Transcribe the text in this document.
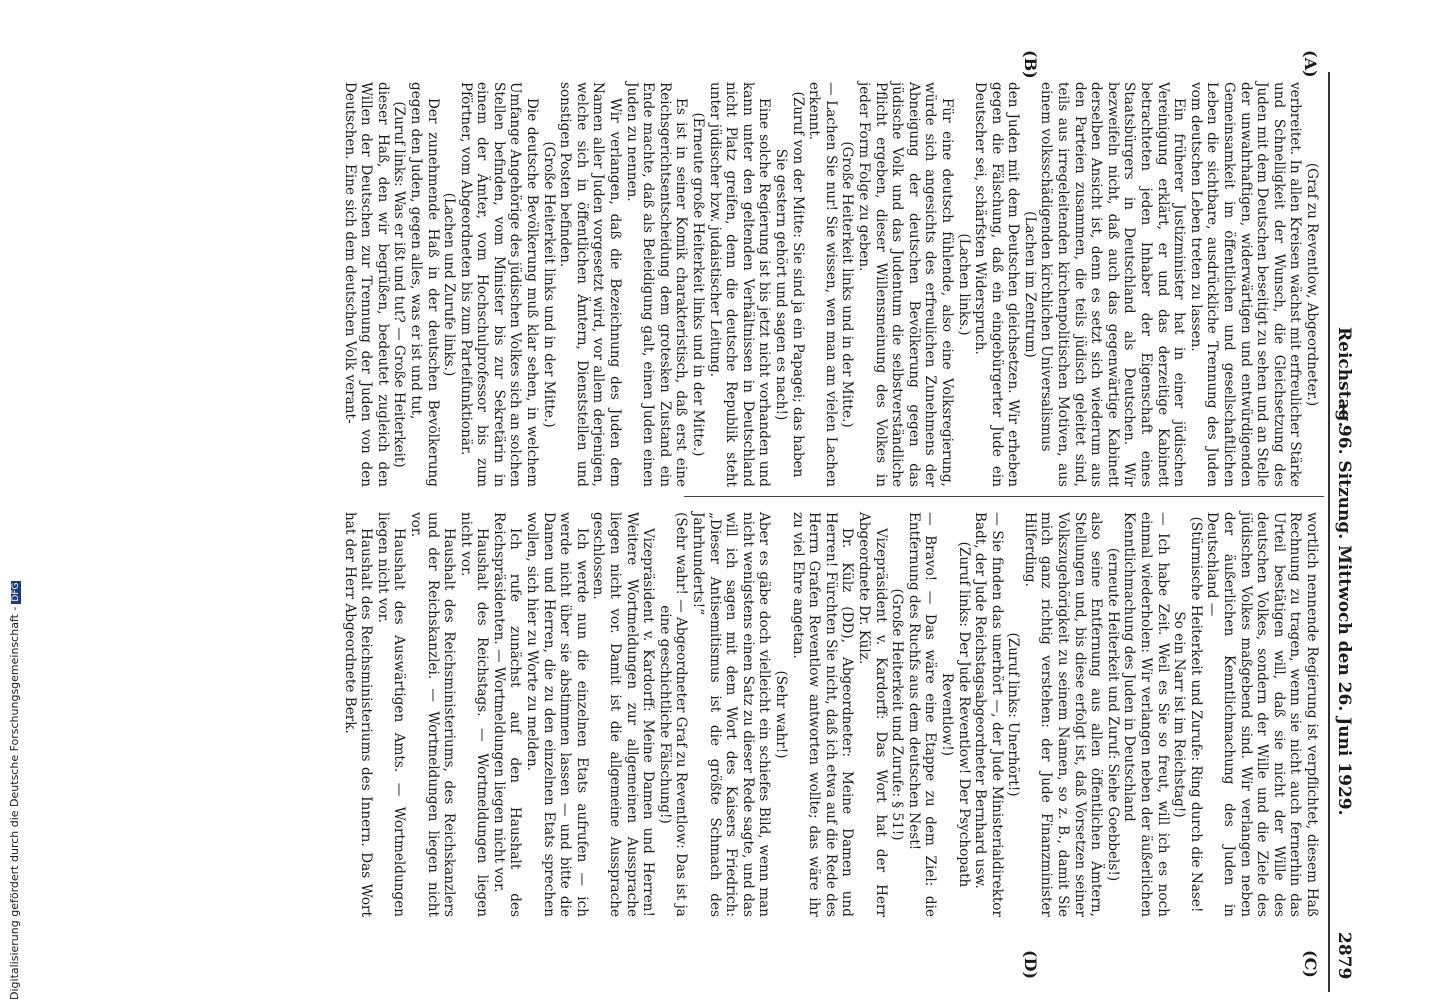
Reichstag.
— 96. Sitzung. Mittwoch den 26. Juni 1929.
2879
(A)
(B)
(C)
(D)

(Graf zu Reventlow, Abgeordneter.)

verbreitet. In allen Kreisen wächst mit erfreulicher Stärke und Schnelligkeit der Wunsch, die Gleichsetzung des Juden mit dem Deutschen beseitigt zu sehen und an Stelle der unwahrhaftigen, widerwärtigen und entwürdigenden Gemeinsamkeit im öffentlichen und gesellschaftlichen Leben die sichtbare, ausdrückliche Trennung des Juden vom deutschen Leben treten zu lassen.

Ein früherer Justizminister hat in einer jüdischen Vereinigung erklärt, er und das derzeitige Kabinett betrachteten jeden Inhaber der Eigenschaft eines Staatsbürgers in Deutschland als Deutschen. Wir bezweifeln nicht, daß auch das gegenwärtige Kabinett derselben Ansicht ist, denn es setzt sich wiederum aus den Parteien zusammen, die teils jüdisch geleitet sind, teils aus irregeleitenden kirchenpolitischen Motiven, aus einem volksschädigenden kirchlichen Universalismus

(Lachen im Zentrum)

den Juden mit dem Deutschen gleichsetzen. Wir erheben gegen die Fälschung, daß ein eingebürgerter Jude ein Deutscher sei, schärfsten Widerspruch.

(Lachen links.)

Für eine deutsch fühlende, also eine Volksregierung, würde sich angesichts des erfreulichen Zunehmens der Abneigung der deutschen Bevölkerung gegen das jüdische Volk und das Judentum die selbstverständliche Pflicht ergeben, dieser Willensmeinung des Volkes in jeder Form Folge zu geben.

(Große Heiterkeit links und in der Mitte.)

— Lachen Sie nur! Sie wissen, wen man am vielen Lachen erkennt.

(Zuruf von der Mitte: Sie sind ja ein Papagei; das haben Sie gestern gehört und sagen es nach!)

Eine solche Regierung ist bis jetzt nicht vorhanden und kann unter den geltenden Verhältnissen in Deutschland nicht Platz greifen, denn die deutsche Republik steht unter jüdischer bzw. judaistischer Leitung.

(Erneute große Heiterkeit links und in der Mitte.)

Es ist in seiner Komik charakteristisch, daß erst eine Reichsgerichtsentscheidung dem grotesken Zustand ein Ende machte, daß als Beleidigung galt, einen Juden einen Juden zu nennen.

Wir verlangen, daß die Bezeichnung des Juden dem Namen aller Juden vorgesetzt wird, vor allem derjenigen, welche sich in öffentlichen Ämtern, Dienststellen und sonstigen Posten befinden.

(Große Heiterkeit links und in der Mitte.)

Die deutsche Bevölkerung muß klar sehen, in welchem Umfange Angehörige des jüdischen Volkes sich an solchen Stellen befinden, vom Minister bis zur Sekretärin in einem der Ämter, vom Hochschulprofessor bis zum Pförtner, vom Abgeordneten bis zum Parteifunktionär.

(Lachen und Zurufe links.)

Der zunehmende Haß in der deutschen Bevölkerung gegen den Juden, gegen alles, was er ist und tut,

(Zuruf links: Was er ißt und tut? — Große Heiterkeit)

dieser Haß, den wir begrüßen, bedeutet zugleich den Willen der Deutschen zur Trennung der Juden von den Deutschen. Eine sich dem deutschen Volk verant-

wortlich nennende Regierung ist verpflichtet, diesem Haß Rechnung zu tragen, wenn sie nicht auch fernerhin das Urteil bestätigen will, daß sie nicht der Wille des deutschen Volkes, sondern der Wille und die Ziele des jüdischen Volkes maßgebend sind. Wir verlangen neben der äußerlichen Kenntlichmachung des Juden in Deutschland —

(Stürmische Heiterkeit und Zurufe: Ring durch die Nase! So ein Narr ist im Reichstag!)

— Ich habe Zeit. Weil es Sie so freut, will ich es noch einmal wiederholen: Wir verlangen neben der äußerlichen Kenntlichmachung des Juden in Deutschland

(erneute Heiterkeit und Zuruf: Siehe Goebbels!)

also seine Entfernung aus allen öffentlichen Ämtern, Stellungen und, bis diese erfolgt ist, daß Vorsetzen seiner Volkszugehörigkeit zu seinem Namen, so z. B., damit Sie mich ganz richtig verstehen: der Jude Finanzminister Hilferding.

(Zuruf links: Unerhört!)

— Sie finden das unerhört —, der Jude Ministerialdirektor Badt, der Jude Reichstagsabgeordneter Bernhard usw.

(Zuruf links: Der Jude Reventlow! Der Psychopath Reventlow!)

— Bravo! — Das wäre eine Etappe zu dem Ziel: die Entfernung des Ruchfs aus dem deutschen Nest!

(Große Heiterkeit und Zurufe: § 51!)

Vizepräsident v. Kardorff: Das Wort hat der Herr Abgeordnete Dr. Külz.

Dr. Külz (DD), Abgeordneter: Meine Damen und Herren! Fürchten Sie nicht, daß ich etwa auf die Rede des Herrn Grafen Reventlow antworten wollte; das wäre ihr zu viel Ehre angetan.

(Sehr wahr!)

Aber es gäbe doch vielleicht ein schiefes Bild, wenn man nicht wenigstens einen Satz zu dieser Rede sagte, und das will ich sagen mit dem Wort des Kaisers Friedrich: „Dieser Antisemitismus ist die größte Schmach des Jahrhunderts!“

(Sehr wahr! — Abgeordneter Graf zu Reventlow: Das ist ja eine geschichtliche Fälschung!)

Vizepräsident v. Kardorff: Meine Damen und Herren! Weitere Wortmeldungen zur allgemeinen Aussprache liegen nicht vor. Damit ist die allgemeine Aussprache geschlossen.

Ich werde nun die einzelnen Etats aufrufen — ich werde nicht über sie abstimmen lassen — und bitte die Damen und Herren, die zu den einzelnen Etats sprechen wollen, sich hier zu Worte zu melden.

Ich rufe zunächst auf den Haushalt des Reichspräsidenten. — Wortmeldungen liegen nicht vor.

Haushalt des Reichstags. — Wortmeldungen liegen nicht vor.

Haushalt des Reichsministeriums, des Reichskanzlers und der Reichskanzlei. — Wortmeldungen liegen nicht vor.

Haushalt des Auswärtigen Amts. — Wortmeldungen liegen nicht vor.

Haushalt des Reichsministeriums des Innern. Das Wort hat der Herr Abgeordnete Berk.

Digitalisierung gefördert durch die Deutsche Forschungsgemeinschaft -DFG
